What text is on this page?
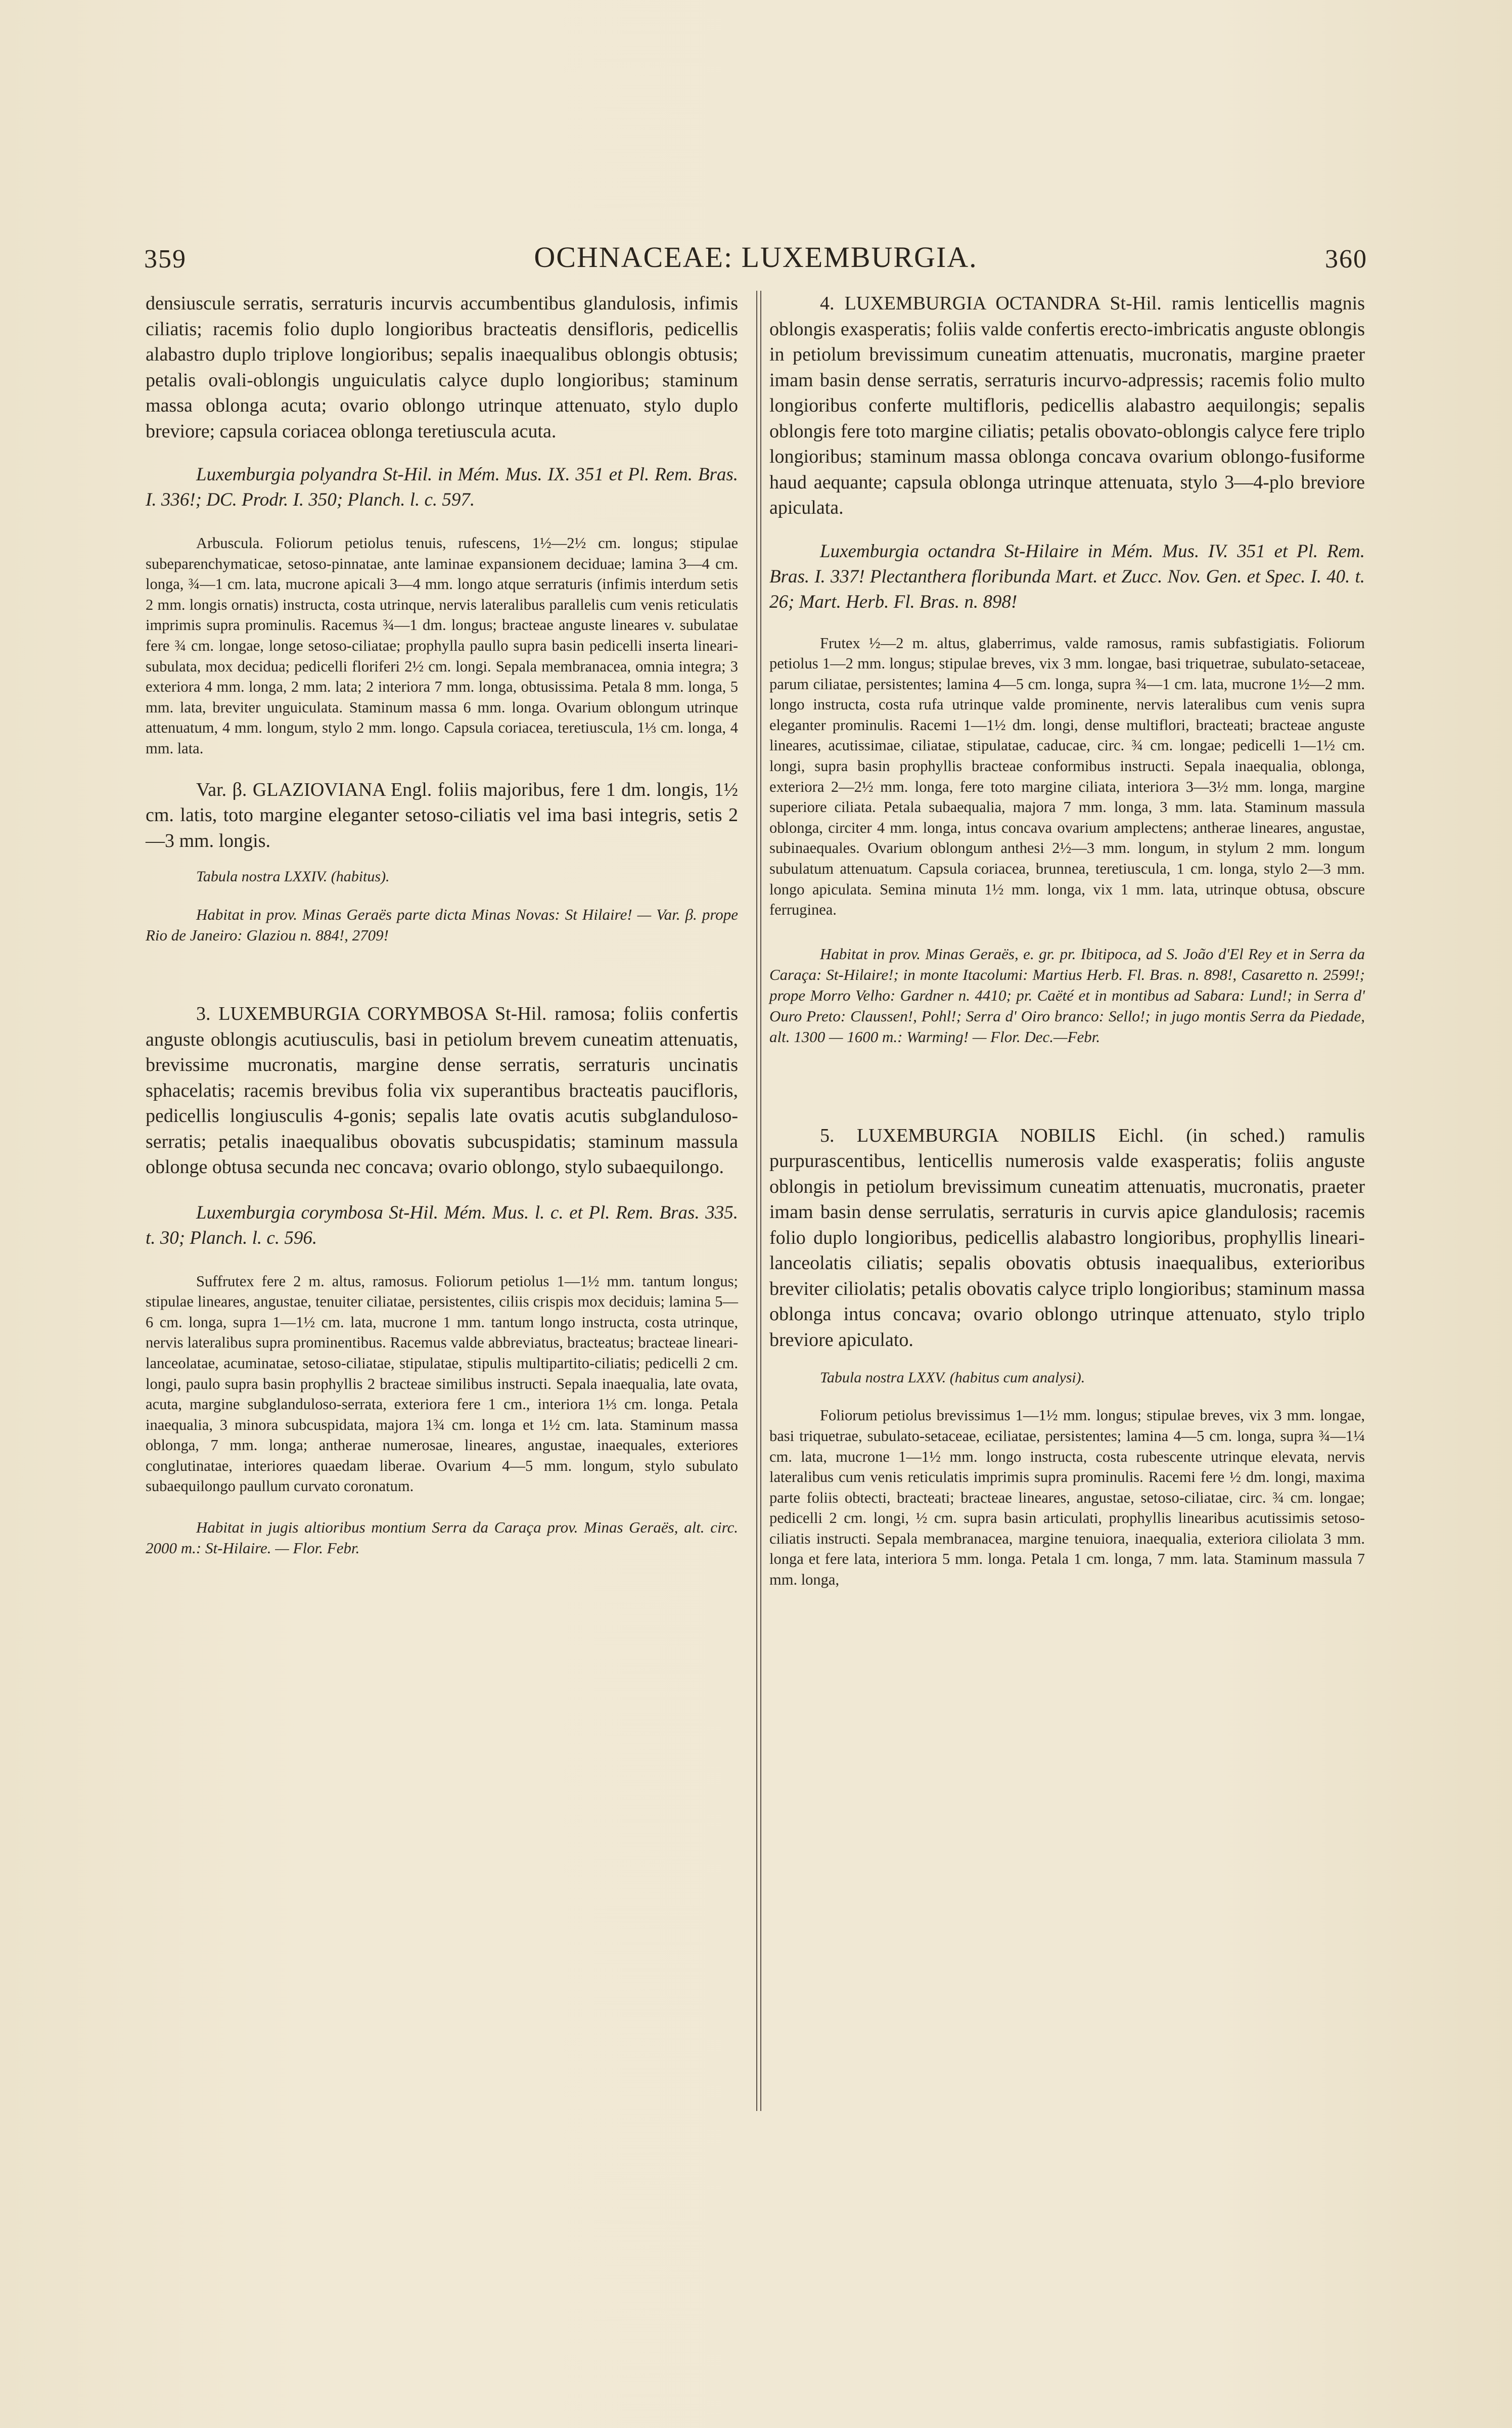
359	OCHNACEAE: LUXEMBURGIA.	360

densiuscule serratis, serraturis incurvis accumbentibus glandulosis, infimis ciliatis; racemis folio duplo longioribus bracteatis densifloris, pedicellis alabastro duplo triplove longioribus; sepalis inaequalibus oblongis obtusis; petalis ovali-oblongis unguiculatis calyce duplo longioribus; staminum massa oblonga acuta; ovario oblongo utrinque attenuato, stylo duplo breviore; capsula coriacea oblonga teretiuscula acuta.

Luxemburgia polyandra St-Hil. in Mém. Mus. IX. 351 et Pl. Rem. Bras. I. 336!; DC. Prodr. I. 350; Planch. l. c. 597.

Arbuscula. Foliorum petiolus tenuis, rufescens, 1½—2½ cm. longus; stipulae subeparenchymaticae, setoso-pinnatae, ante laminae expansionem deciduae; lamina 3—4 cm. longa, ¾—1 cm. lata, mucrone apicali 3—4 mm. longo atque serraturis (infimis interdum setis 2 mm. longis ornatis) instructa, costa utrinque, nervis lateralibus parallelis cum venis reticulatis imprimis supra prominulis. Racemus ¾—1 dm. longus; bracteae anguste lineares v. subulatae fere ¾ cm. longae, longe setoso-ciliatae; prophylla paullo supra basin pedicelli inserta lineari-subulata, mox decidua; pedicelli floriferi 2½ cm. longi. Sepala membranacea, omnia integra; 3 exteriora 4 mm. longa, 2 mm. lata; 2 interiora 7 mm. longa, obtusissima. Petala 8 mm. longa, 5 mm. lata, breviter unguiculata. Staminum massa 6 mm. longa. Ovarium oblongum utrinque attenuatum, 4 mm. longum, stylo 2 mm. longo. Capsula coriacea, teretiuscula, 1⅓ cm. longa, 4 mm. lata.

Var. β. GLAZIOVIANA Engl. foliis majoribus, fere 1 dm. longis, 1½ cm. latis, toto margine eleganter setoso-ciliatis vel ima basi integris, setis 2—3 mm. longis.

Tabula nostra LXXIV. (habitus).

Habitat in prov. Minas Geraës parte dicta Minas Novas: St Hilaire! — Var. β. prope Rio de Janeiro: Glaziou n. 884!, 2709!

3. LUXEMBURGIA CORYMBOSA St-Hil. ramosa; foliis confertis anguste oblongis acutiusculis, basi in petiolum brevem cuneatim attenuatis, brevissime mucronatis, margine dense serratis, serraturis uncinatis sphacelatis; racemis brevibus folia vix superantibus bracteatis paucifloris, pedicellis longiusculis 4-gonis; sepalis late ovatis acutis subglanduloso-serratis; petalis inaequalibus obovatis subcuspidatis; staminum massula oblonge obtusa secunda nec concava; ovario oblongo, stylo subaequilongo.

Luxemburgia corymbosa St-Hil. Mém. Mus. l. c. et Pl. Rem. Bras. 335. t. 30; Planch. l. c. 596.

Suffrutex fere 2 m. altus, ramosus. Foliorum petiolus 1—1½ mm. tantum longus; stipulae lineares, angustae, tenuiter ciliatae, persistentes, ciliis crispis mox deciduis; lamina 5—6 cm. longa, supra 1—1½ cm. lata, mucrone 1 mm. tantum longo instructa, costa utrinque, nervis lateralibus supra prominentibus. Racemus valde abbreviatus, bracteatus; bracteae lineari-lanceolatae, acuminatae, setoso-ciliatae, stipulatae, stipulis multipartito-ciliatis; pedicelli 2 cm. longi, paulo supra basin prophyllis 2 bracteae similibus instructi. Sepala inaequalia, late ovata, acuta, margine subglanduloso-serrata, exteriora fere 1 cm., interiora 1⅓ cm. longa. Petala inaequalia, 3 minora subcuspidata, majora 1¾ cm. longa et 1½ cm. lata. Staminum massa oblonga, 7 mm. longa; antherae numerosae, lineares, angustae, inaequales, exteriores conglutinatae, interiores quaedam liberae. Ovarium 4—5 mm. longum, stylo subulato subaequilongo paullum curvato coronatum.

Habitat in jugis altioribus montium Serra da Caraça prov. Minas Geraës, alt. circ. 2000 m.: St-Hilaire. — Flor. Febr.

4. LUXEMBURGIA OCTANDRA St-Hil. ramis lenticellis magnis oblongis exasperatis; foliis valde confertis erecto-imbricatis anguste oblongis in petiolum brevissimum cuneatim attenuatis, mucronatis, margine praeter imam basin dense serratis, serraturis incurvo-adpressis; racemis folio multo longioribus conferte multifloris, pedicellis alabastro aequilongis; sepalis oblongis fere toto margine ciliatis; petalis obovato-oblongis calyce fere triplo longioribus; staminum massa oblonga concava ovarium oblongo-fusiforme haud aequante; capsula oblonga utrinque attenuata, stylo 3—4-plo breviore apiculata.

Luxemburgia octandra St-Hilaire in Mém. Mus. IV. 351 et Pl. Rem. Bras. I. 337! Plectanthera floribunda Mart. et Zucc. Nov. Gen. et Spec. I. 40. t. 26; Mart. Herb. Fl. Bras. n. 898!

Frutex ½—2 m. altus, glaberrimus, valde ramosus, ramis subfastigiatis. Foliorum petiolus 1—2 mm. longus; stipulae breves, vix 3 mm. longae, basi triquetrae, subulato-setaceae, parum ciliatae, persistentes; lamina 4—5 cm. longa, supra ¾—1 cm. lata, mucrone 1½—2 mm. longo instructa, costa rufa utrinque valde prominente, nervis lateralibus cum venis supra eleganter prominulis. Racemi 1—1½ dm. longi, dense multiflori, bracteati; bracteae anguste lineares, acutissimae, ciliatae, stipulatae, caducae, circ. ¾ cm. longae; pedicelli 1—1½ cm. longi, supra basin prophyllis bracteae conformibus instructi. Sepala inaequalia, oblonga, exteriora 2—2½ mm. longa, fere toto margine ciliata, interiora 3—3½ mm. longa, margine superiore ciliata. Petala subaequalia, majora 7 mm. longa, 3 mm. lata. Staminum massula oblonga, circiter 4 mm. longa, intus concava ovarium amplectens; antherae lineares, angustae, subinaequales. Ovarium oblongum anthesi 2½—3 mm. longum, in stylum 2 mm. longum subulatum attenuatum. Capsula coriacea, brunnea, teretiuscula, 1 cm. longa, stylo 2—3 mm. longo apiculata. Semina minuta 1½ mm. longa, vix 1 mm. lata, utrinque obtusa, obscure ferruginea.

Habitat in prov. Minas Geraës, e. gr. pr. Ibitipoca, ad S. João d'El Rey et in Serra da Caraça: St-Hilaire!; in monte Itacolumi: Martius Herb. Fl. Bras. n. 898!, Casaretto n. 2599!; prope Morro Velho: Gardner n. 4410; pr. Caëté et in montibus ad Sabara: Lund!; in Serra d' Ouro Preto: Claussen!, Pohl!; Serra d' Oiro branco: Sello!; in jugo montis Serra da Piedade, alt. 1300 — 1600 m.: Warming! — Flor. Dec.—Febr.

5. LUXEMBURGIA NOBILIS Eichl. (in sched.) ramulis purpurascentibus, lenticellis numerosis valde exasperatis; foliis anguste oblongis in petiolum brevissimum cuneatim attenuatis, mucronatis, praeter imam basin dense serrulatis, serraturis in curvis apice glandulosis; racemis folio duplo longioribus, pedicellis alabastro longioribus, prophyllis lineari-lanceolatis ciliatis; sepalis obovatis obtusis inaequalibus, exterioribus breviter ciliolatis; petalis obovatis calyce triplo longioribus; staminum massa oblonga intus concava; ovario oblongo utrinque attenuato, stylo triplo breviore apiculato.

Tabula nostra LXXV. (habitus cum analysi).

Foliorum petiolus brevissimus 1—1½ mm. longus; stipulae breves, vix 3 mm. longae, basi triquetrae, subulato-setaceae, eciliatae, persistentes; lamina 4—5 cm. longa, supra ¾—1¼ cm. lata, mucrone 1—1½ mm. longo instructa, costa rubescente utrinque elevata, nervis lateralibus cum venis reticulatis imprimis supra prominulis. Racemi fere ½ dm. longi, maxima parte foliis obtecti, bracteati; bracteae lineares, angustae, setoso-ciliatae, circ. ¾ cm. longae; pedicelli 2 cm. longi, ½ cm. supra basin articulati, prophyllis linearibus acutissimis setoso-ciliatis instructi. Sepala membranacea, margine tenuiora, inaequalia, exteriora ciliolata 3 mm. longa et fere lata, interiora 5 mm. longa. Petala 1 cm. longa, 7 mm. lata. Staminum massula 7 mm. longa,
